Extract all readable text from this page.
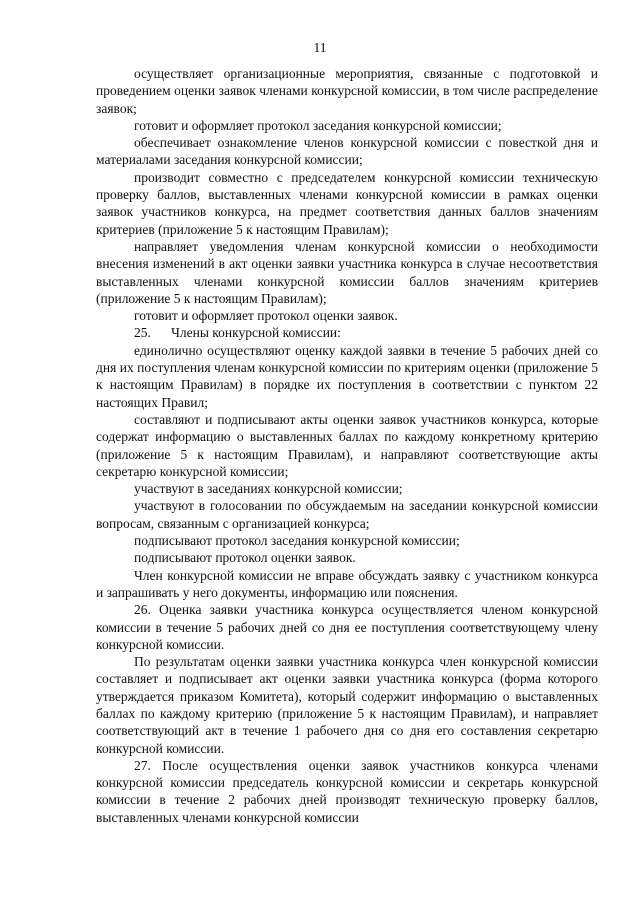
11

осуществляет организационные мероприятия, связанные с подготовкой и проведением оценки заявок членами конкурсной комиссии, в том числе распределение заявок;

готовит и оформляет протокол заседания конкурсной комиссии;

обеспечивает ознакомление членов конкурсной комиссии с повесткой дня и материалами заседания конкурсной комиссии;

производит совместно с председателем конкурсной комиссии техническую проверку баллов, выставленных членами конкурсной комиссии в рамках оценки заявок участников конкурса, на предмет соответствия данных баллов значениям критериев (приложение 5 к настоящим Правилам);

направляет уведомления членам конкурсной комиссии о необходимости внесения изменений в акт оценки заявки участника конкурса в случае несоответствия выставленных членами конкурсной комиссии баллов значениям критериев (приложение 5 к настоящим Правилам);

готовит и оформляет протокол оценки заявок.

25.      Члены конкурсной комиссии:

единолично осуществляют оценку каждой заявки в течение 5 рабочих дней со дня их поступления членам конкурсной комиссии по критериям оценки (приложение 5 к настоящим Правилам) в порядке их поступления в соответствии с пунктом 22 настоящих Правил;

составляют и подписывают акты оценки заявок участников конкурса, которые содержат информацию о выставленных баллах по каждому конкретному критерию (приложение 5 к настоящим Правилам), и направляют соответствующие акты секретарю конкурсной комиссии;

участвуют в заседаниях конкурсной комиссии;

участвуют в голосовании по обсуждаемым на заседании конкурсной комиссии вопросам, связанным с организацией конкурса;

подписывают протокол заседания конкурсной комиссии;

подписывают протокол оценки заявок.

Член конкурсной комиссии не вправе обсуждать заявку с участником конкурса и запрашивать у него документы, информацию или пояснения.

26. Оценка заявки участника конкурса осуществляется членом конкурсной комиссии в течение 5 рабочих дней со дня ее поступления соответствующему члену конкурсной комиссии.

По результатам оценки заявки участника конкурса член конкурсной комиссии составляет и подписывает акт оценки заявки участника конкурса (форма которого утверждается приказом Комитета), который содержит информацию о выставленных баллах по каждому критерию (приложение 5 к настоящим Правилам), и направляет соответствующий акт в течение 1 рабочего дня со дня его составления секретарю конкурсной комиссии.

27. После осуществления оценки заявок участников конкурса членами конкурсной комиссии председатель конкурсной комиссии и секретарь конкурсной комиссии в течение 2 рабочих дней производят техническую проверку баллов, выставленных членами конкурсной комиссии
